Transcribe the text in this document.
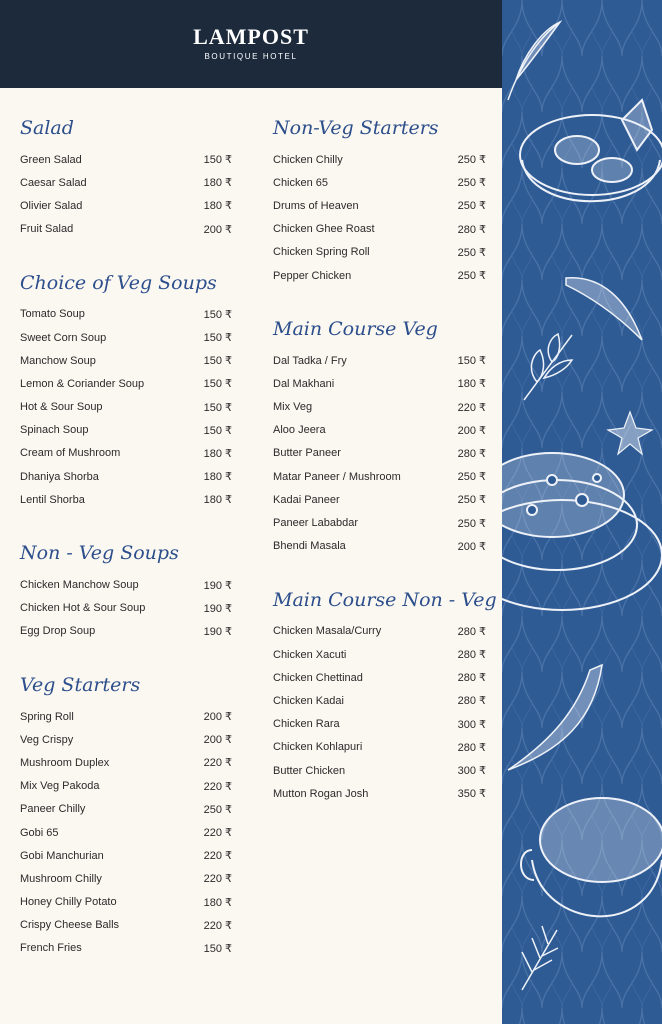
LAMPOST
BOUTIQUE HOTEL
Salad
Green Salad	150 ₹
Caesar Salad	180 ₹
Olivier Salad	180 ₹
Fruit Salad	200 ₹
Choice of Veg Soups
Tomato Soup	150 ₹
Sweet Corn Soup	150 ₹
Manchow Soup	150 ₹
Lemon & Coriander Soup	150 ₹
Hot & Sour Soup	150 ₹
Spinach Soup	150 ₹
Cream of Mushroom	180 ₹
Dhaniya Shorba	180 ₹
Lentil Shorba	180 ₹
Non - Veg Soups
Chicken Manchow Soup	190 ₹
Chicken Hot & Sour Soup	190 ₹
Egg Drop Soup	190 ₹
Veg Starters
Spring Roll	200 ₹
Veg Crispy	200 ₹
Mushroom Duplex	220 ₹
Mix Veg Pakoda	220 ₹
Paneer Chilly	250 ₹
Gobi 65	220 ₹
Gobi Manchurian	220 ₹
Mushroom Chilly	220 ₹
Honey Chilly Potato	180 ₹
Crispy Cheese Balls	220 ₹
French Fries	150 ₹
Non-Veg Starters
Chicken Chilly	250 ₹
Chicken 65	250 ₹
Drums of Heaven	250 ₹
Chicken Ghee Roast	280 ₹
Chicken Spring Roll	250 ₹
Pepper Chicken	250 ₹
Main Course Veg
Dal Tadka / Fry	150 ₹
Dal Makhani	180 ₹
Mix Veg	220 ₹
Aloo Jeera	200 ₹
Butter Paneer	280 ₹
Matar Paneer / Mushroom	250 ₹
Kadai Paneer	250 ₹
Paneer Lababdar	250 ₹
Bhendi Masala	200 ₹
Main Course Non - Veg
Chicken Masala/Curry	280 ₹
Chicken Xacuti	280 ₹
Chicken Chettinad	280 ₹
Chicken Kadai	280 ₹
Chicken Rara	300 ₹
Chicken Kohlapuri	280 ₹
Butter Chicken	300 ₹
Mutton Rogan Josh	350 ₹
